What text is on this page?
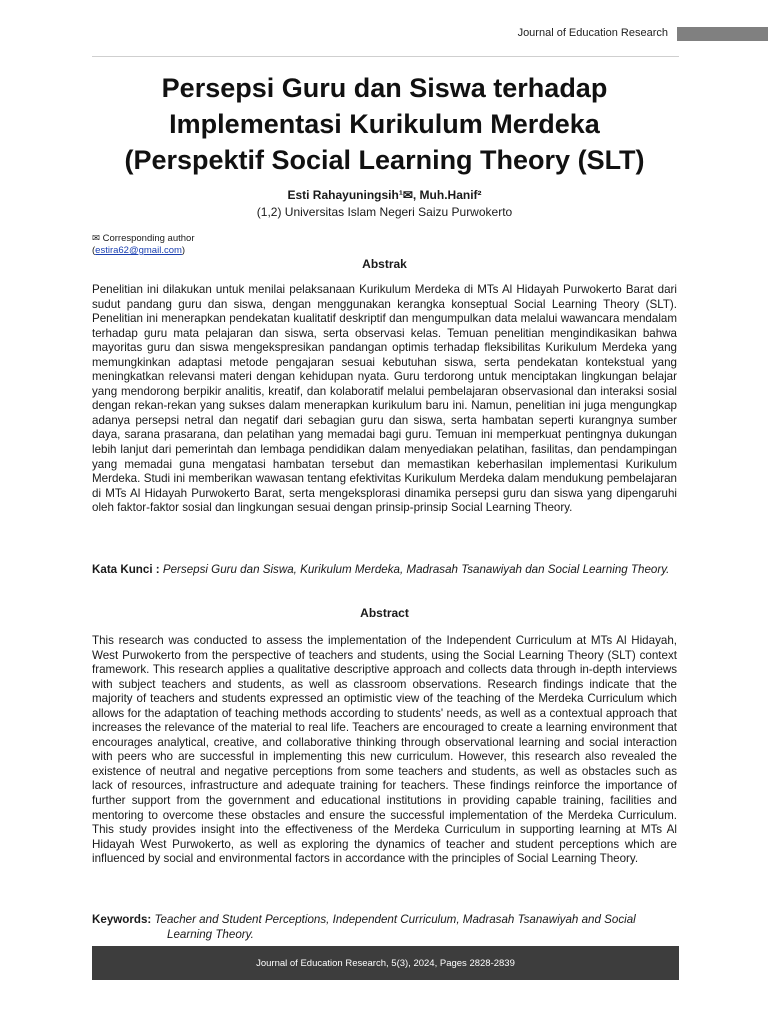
Journal of Education Research
Persepsi Guru dan Siswa terhadap
Implementasi Kurikulum Merdeka
(Perspektif Social Learning Theory (SLT)
Esti Rahayuningsih¹✉, Muh.Hanif²
(1,2) Universitas Islam Negeri Saizu Purwokerto
✉ Corresponding author
(estira62@gmail.com)
Abstrak
Penelitian ini dilakukan untuk menilai pelaksanaan Kurikulum Merdeka di MTs Al Hidayah Purwokerto Barat dari sudut pandang guru dan siswa, dengan menggunakan kerangka konseptual Social Learning Theory (SLT). Penelitian ini menerapkan pendekatan kualitatif deskriptif dan mengumpulkan data melalui wawancara mendalam terhadap guru mata pelajaran dan siswa, serta observasi kelas. Temuan penelitian mengindikasikan bahwa mayoritas guru dan siswa mengekspresikan pandangan optimis terhadap fleksibilitas Kurikulum Merdeka yang memungkinkan adaptasi metode pengajaran sesuai kebutuhan siswa, serta pendekatan kontekstual yang meningkatkan relevansi materi dengan kehidupan nyata. Guru terdorong untuk menciptakan lingkungan belajar yang mendorong berpikir analitis, kreatif, dan kolaboratif melalui pembelajaran observasional dan interaksi sosial dengan rekan-rekan yang sukses dalam menerapkan kurikulum baru ini. Namun, penelitian ini juga mengungkap adanya persepsi netral dan negatif dari sebagian guru dan siswa, serta hambatan seperti kurangnya sumber daya, sarana prasarana, dan pelatihan yang memadai bagi guru. Temuan ini memperkuat pentingnya dukungan lebih lanjut dari pemerintah dan lembaga pendidikan dalam menyediakan pelatihan, fasilitas, dan pendampingan yang memadai guna mengatasi hambatan tersebut dan memastikan keberhasilan implementasi Kurikulum Merdeka. Studi ini memberikan wawasan tentang efektivitas Kurikulum Merdeka dalam mendukung pembelajaran di MTs Al Hidayah Purwokerto Barat, serta mengeksplorasi dinamika persepsi guru dan siswa yang dipengaruhi oleh faktor-faktor sosial dan lingkungan sesuai dengan prinsip-prinsip Social Learning Theory.
Kata Kunci : Persepsi Guru dan Siswa, Kurikulum Merdeka, Madrasah Tsanawiyah dan Social Learning Theory.
Abstract
This research was conducted to assess the implementation of the Independent Curriculum at MTs Al Hidayah, West Purwokerto from the perspective of teachers and students, using the Social Learning Theory (SLT) context framework. This research applies a qualitative descriptive approach and collects data through in-depth interviews with subject teachers and students, as well as classroom observations. Research findings indicate that the majority of teachers and students expressed an optimistic view of the teaching of the Merdeka Curriculum which allows for the adaptation of teaching methods according to students' needs, as well as a contextual approach that increases the relevance of the material to real life. Teachers are encouraged to create a learning environment that encourages analytical, creative, and collaborative thinking through observational learning and social interaction with peers who are successful in implementing this new curriculum. However, this research also revealed the existence of neutral and negative perceptions from some teachers and students, as well as obstacles such as lack of resources, infrastructure and adequate training for teachers. These findings reinforce the importance of further support from the government and educational institutions in providing capable training, facilities and mentoring to overcome these obstacles and ensure the successful implementation of the Merdeka Curriculum. This study provides insight into the effectiveness of the Merdeka Curriculum in supporting learning at MTs Al Hidayah West Purwokerto, as well as exploring the dynamics of teacher and student perceptions which are influenced by social and environmental factors in accordance with the principles of Social Learning Theory.
Keywords: Teacher and Student Perceptions, Independent Curriculum, Madrasah Tsanawiyah and Social Learning Theory.
Journal of Education Research, 5(3), 2024, Pages 2828-2839
